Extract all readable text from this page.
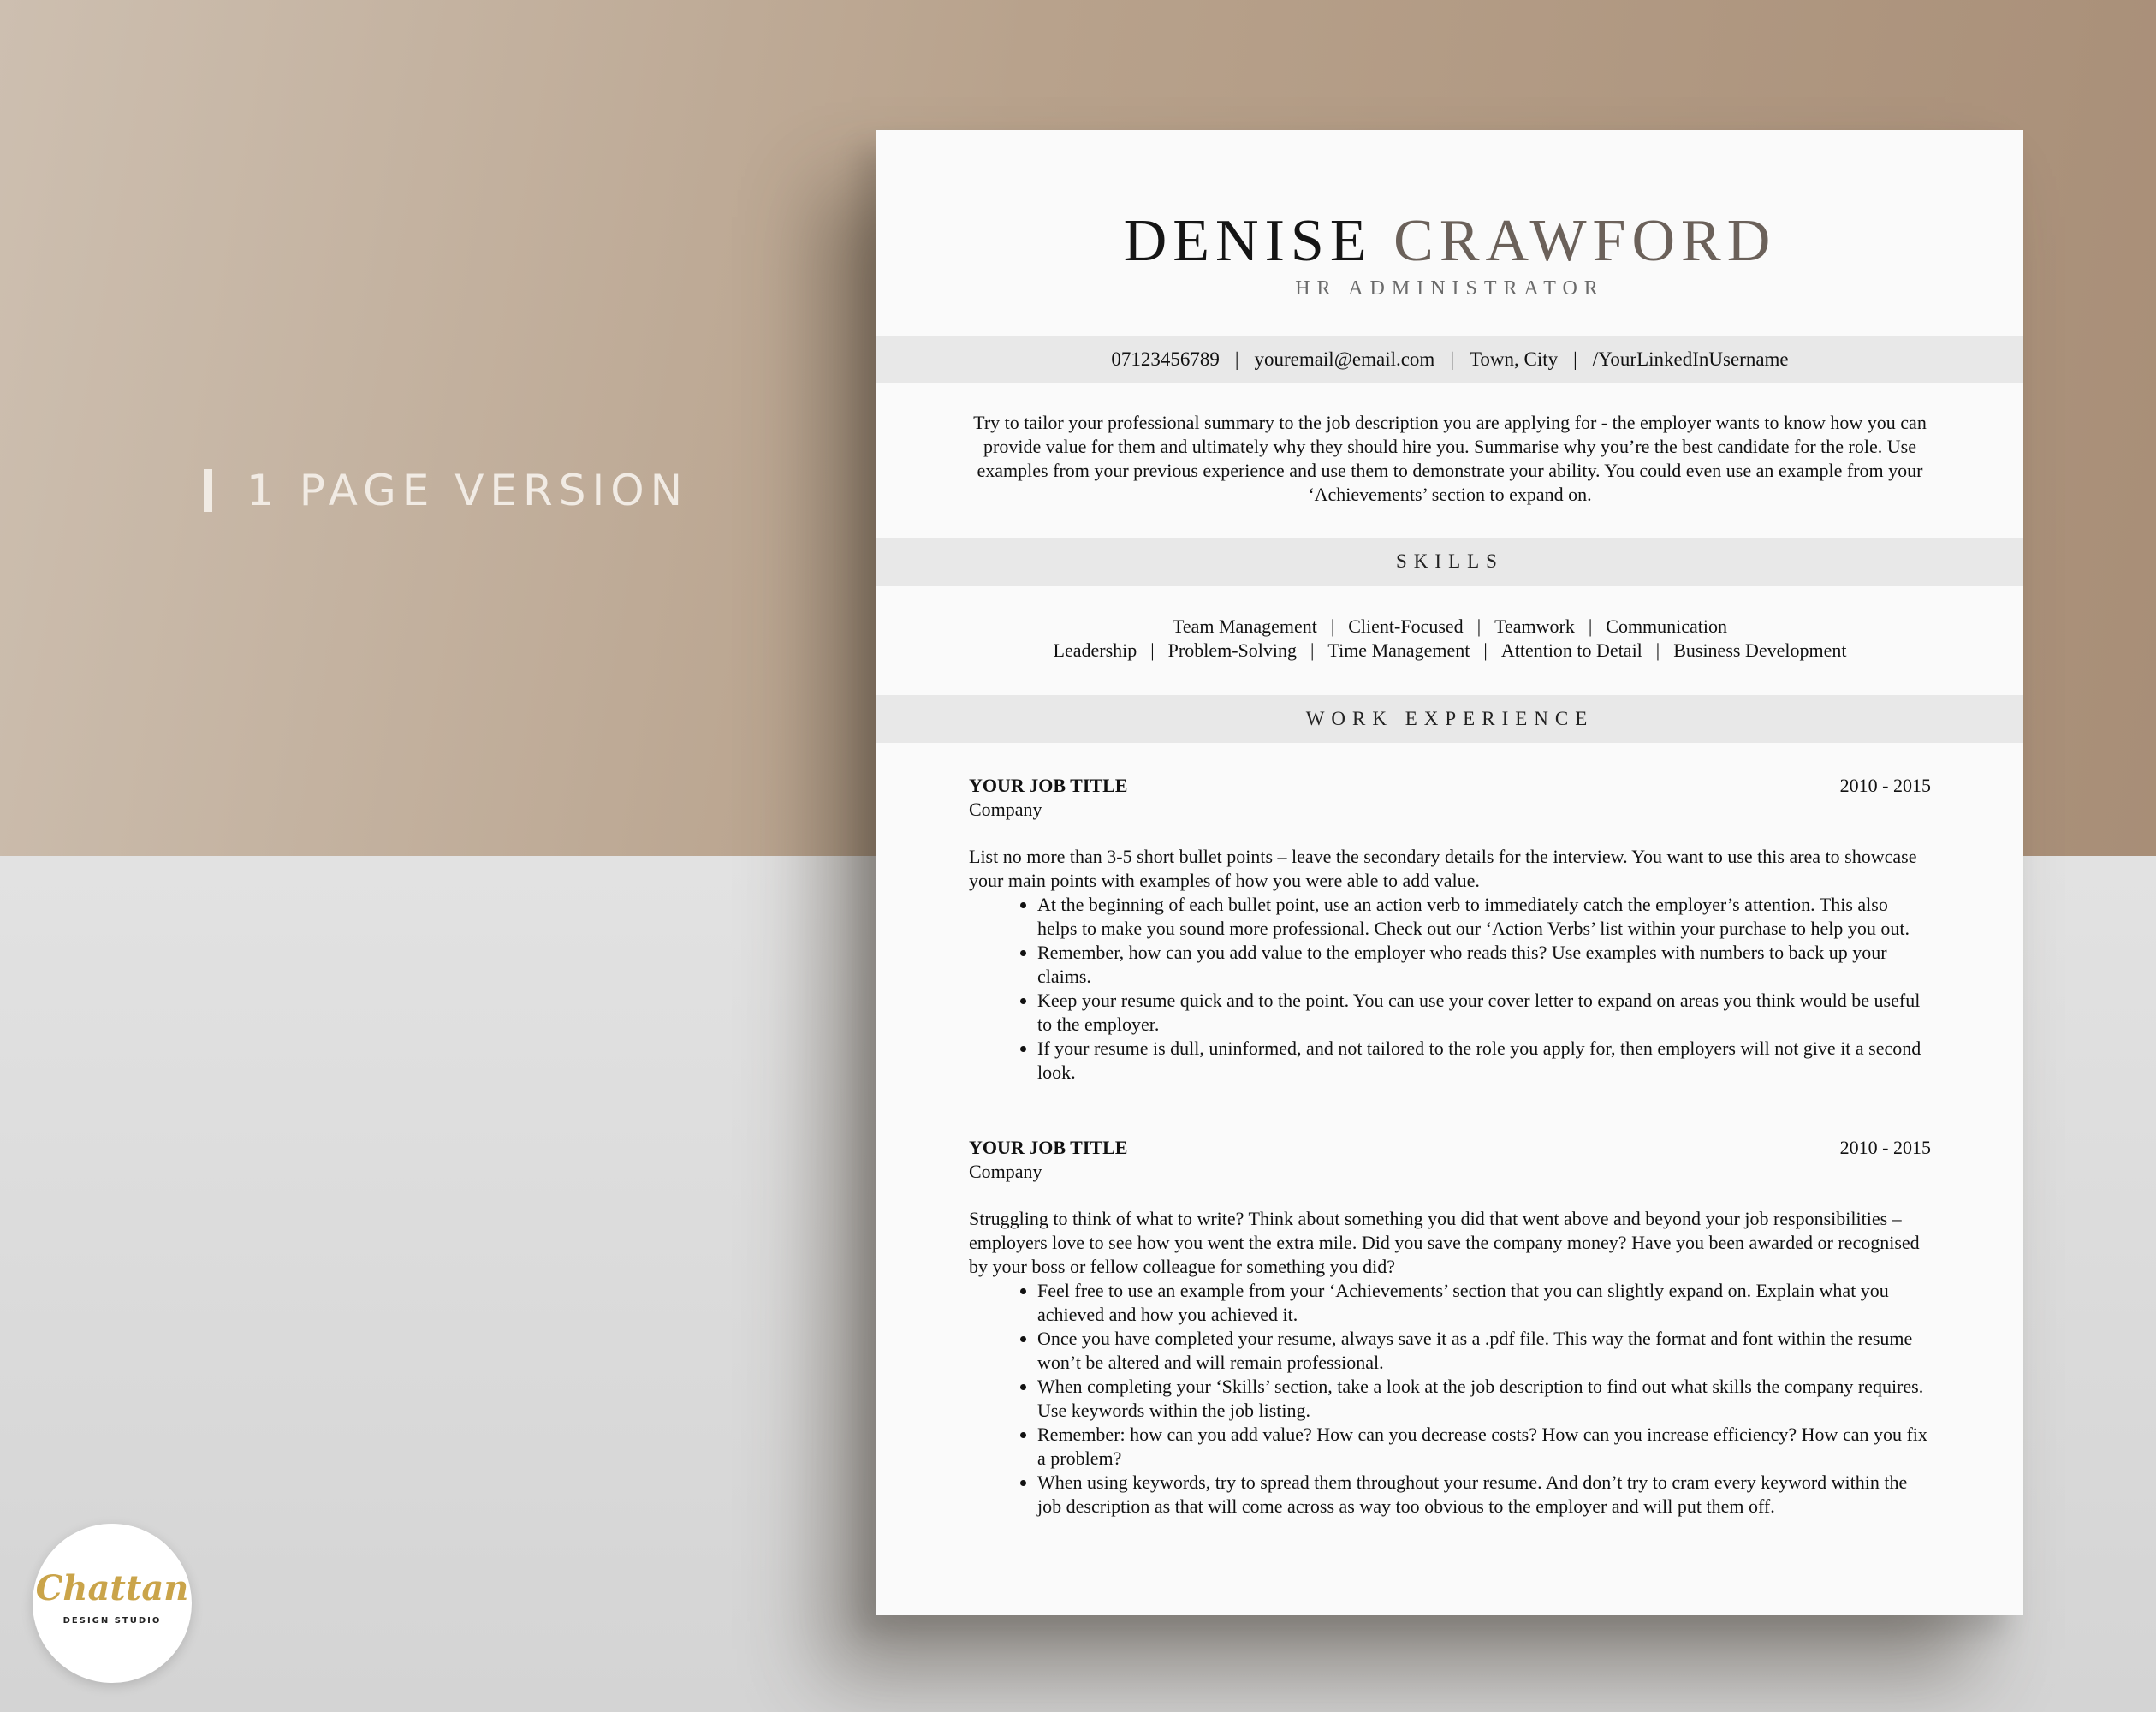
1 PAGE VERSION
DENISE CRAWFORD
HR ADMINISTRATOR
07123456789 | youremail@email.com | Town, City | /YourLinkedInUsername

Try to tailor your professional summary to the job description you are applying for - the employer wants to know how you can provide value for them and ultimately why they should hire you. Summarise why you’re the best candidate for the role. Use examples from your previous experience and use them to demonstrate your ability. You could even use an example from your ‘Achievements’ section to expand on.

SKILLS
Team Management | Client-Focused | Teamwork | Communication
Leadership | Problem-Solving | Time Management | Attention to Detail | Business Development
WORK EXPERIENCE
YOUR JOB TITLE	2010 - 2015
Company
List no more than 3-5 short bullet points – leave the secondary details for the interview. You want to use this area to showcase your main points with examples of how you were able to add value.
• At the beginning of each bullet point, use an action verb to immediately catch the employer’s attention. This also helps to make you sound more professional. Check out our ‘Action Verbs’ list within your purchase to help you out.
• Remember, how can you add value to the employer who reads this? Use examples with numbers to back up your claims.
• Keep your resume quick and to the point. You can use your cover letter to expand on areas you think would be useful to the employer.
• If your resume is dull, uninformed, and not tailored to the role you apply for, then employers will not give it a second look.
YOUR JOB TITLE	2010 - 2015
Company
Struggling to think of what to write? Think about something you did that went above and beyond your job responsibilities – employers love to see how you went the extra mile. Did you save the company money? Have you been awarded or recognised by your boss or fellow colleague for something you did?
• Feel free to use an example from your ‘Achievements’ section that you can slightly expand on. Explain what you achieved and how you achieved it.
• Once you have completed your resume, always save it as a .pdf file. This way the format and font within the resume won’t be altered and will remain professional.
• When completing your ‘Skills’ section, take a look at the job description to find out what skills the company requires. Use keywords within the job listing.
• Remember: how can you add value? How can you decrease costs? How can you increase efficiency? How can you fix a problem?
• When using keywords, try to spread them throughout your resume. And don’t try to cram every keyword within the job description as that will come across as way too obvious to the employer and will put them off.
Chattan
DESIGN STUDIO
